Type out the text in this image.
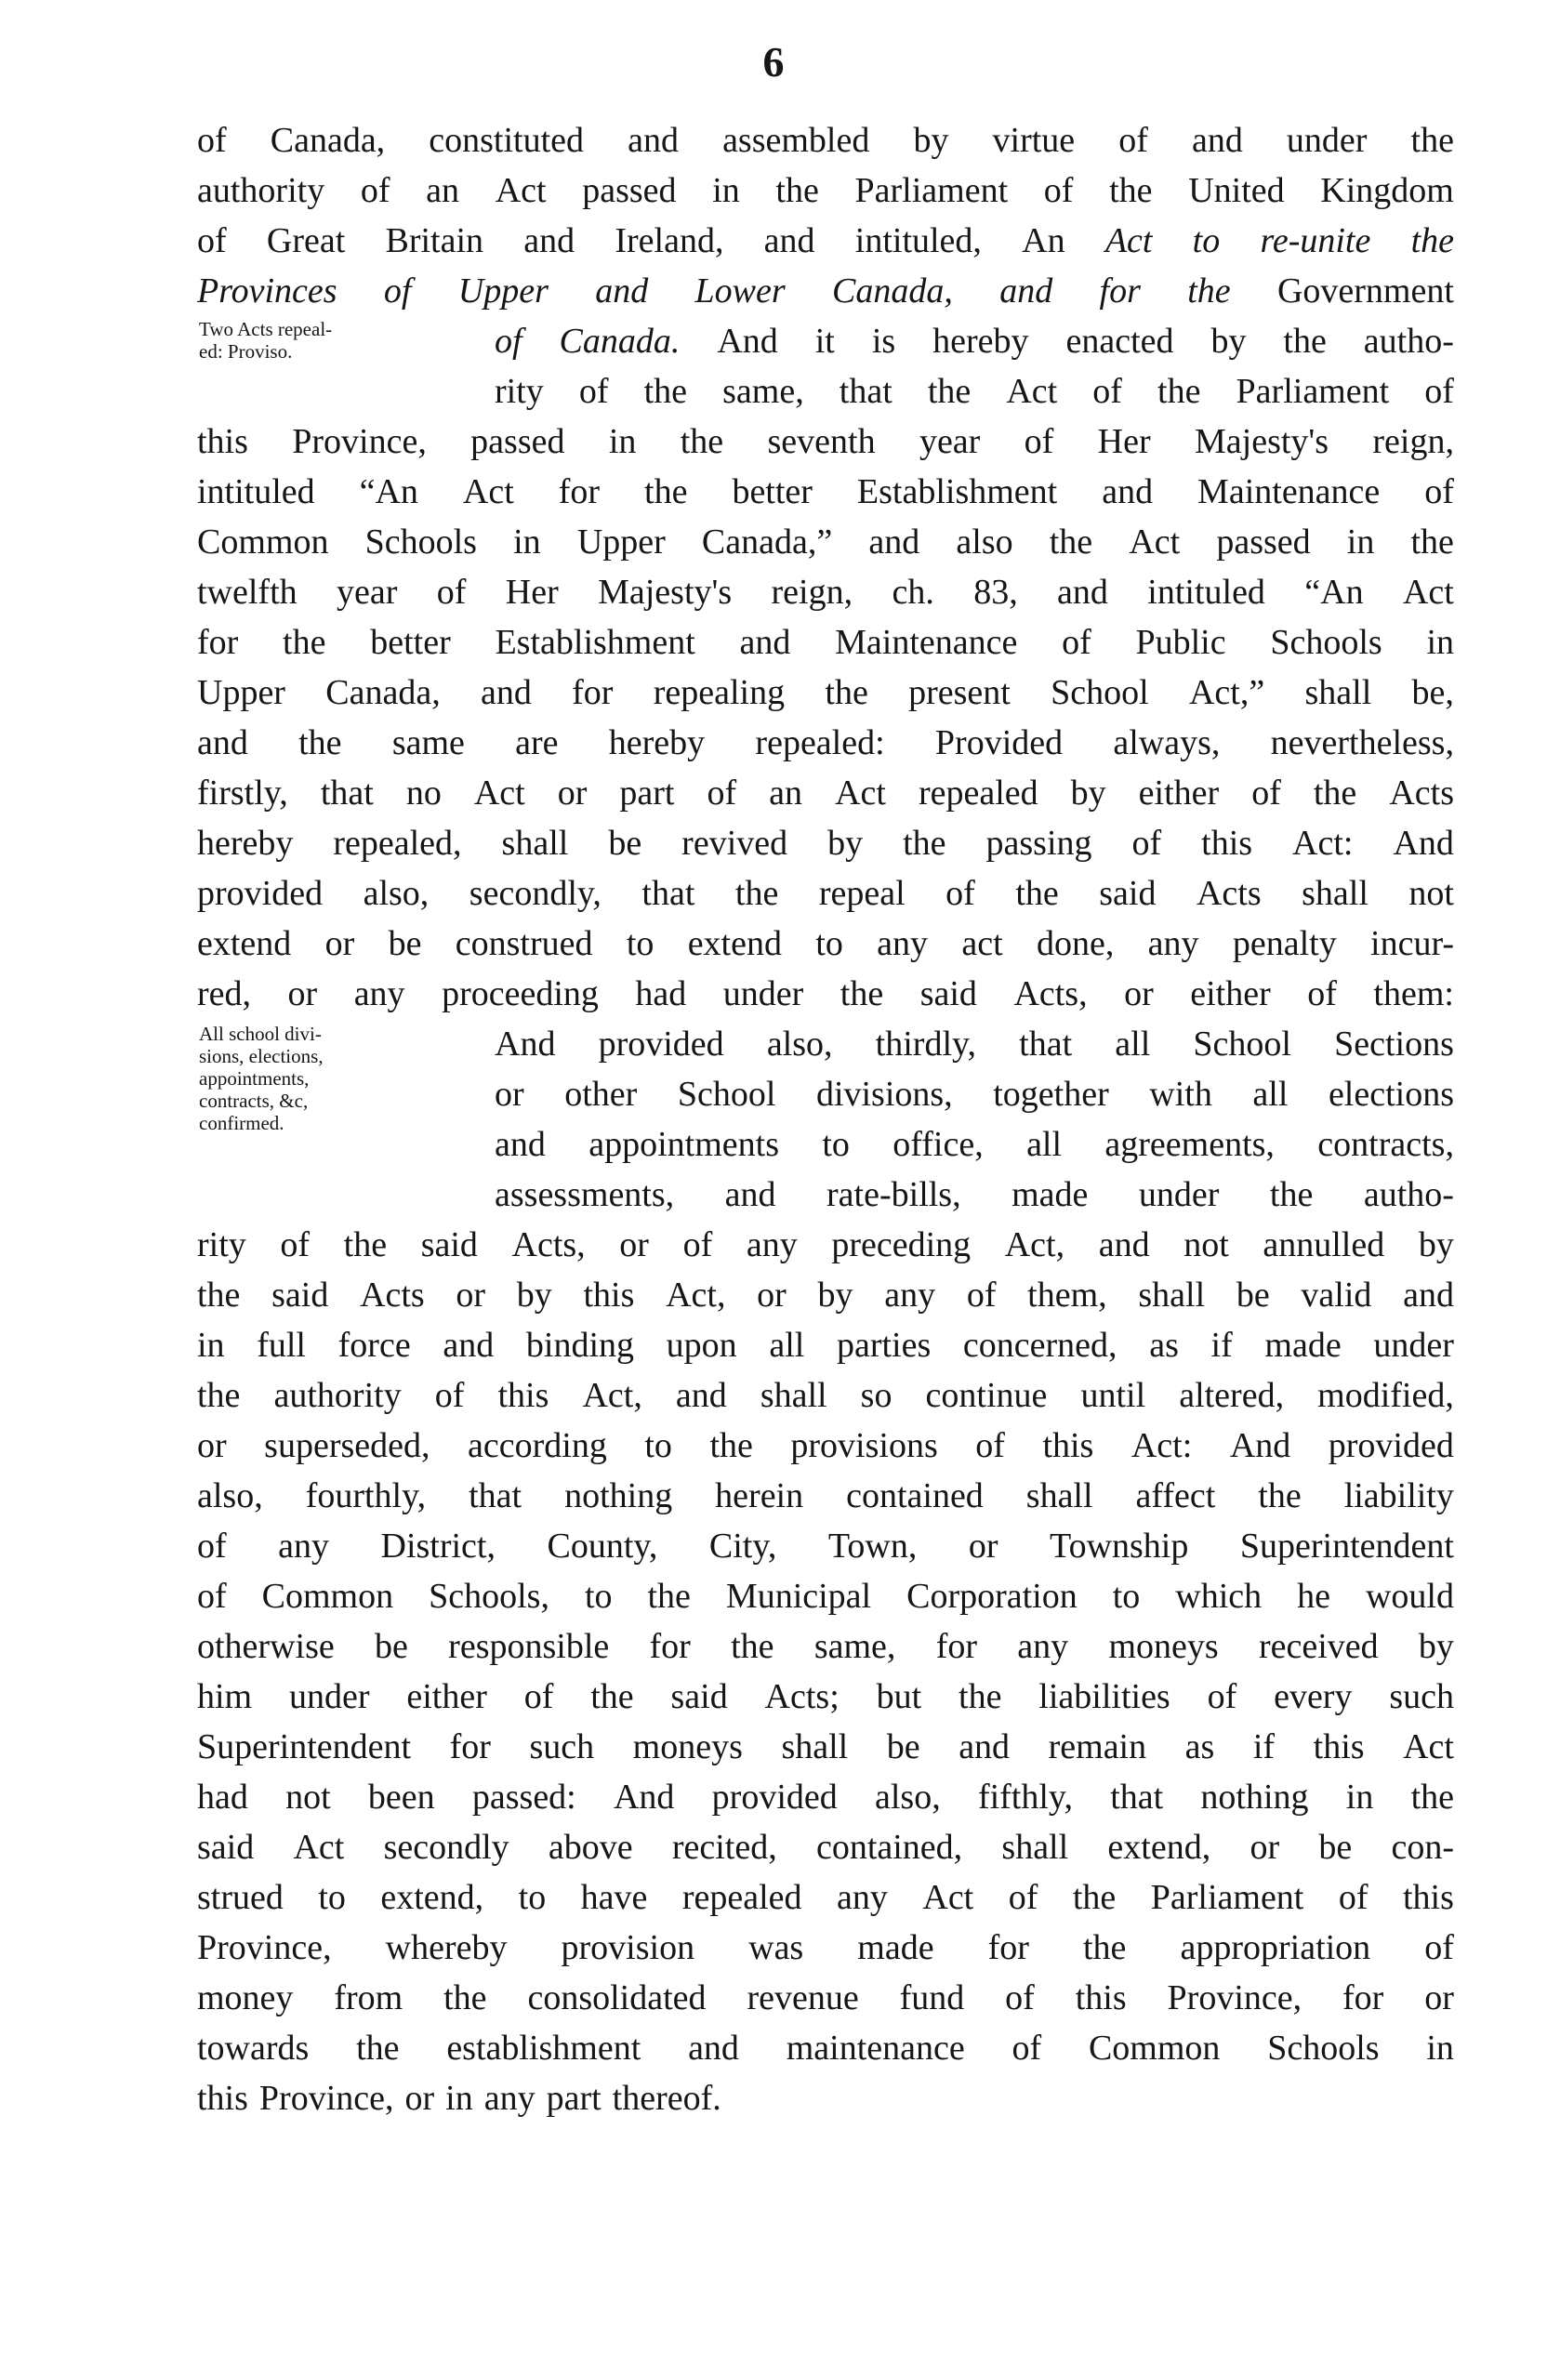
6
Two Acts repeal-
ed: Proviso.
All school divi-
sions, elections,
appointments,
contracts, &c,
confirmed.
of Canada, constituted and assembled by virtue of and under the
authority of an Act passed in the Parliament of the United Kingdom
of Great Britain and Ireland, and intituled, An Act to re-unite the
Provinces of Upper and Lower Canada, and for the Government
of Canada. And it is hereby enacted by the autho-
rity of the same, that the Act of the Parliament of
this Province, passed in the seventh year of Her Majesty's reign,
intituled “An Act for the better Establishment and Maintenance of
Common Schools in Upper Canada,” and also the Act passed in the
twelfth year of Her Majesty's reign, ch. 83, and intituled “An Act
for the better Establishment and Maintenance of Public Schools in
Upper Canada, and for repealing the present School Act,” shall be,
and the same are hereby repealed: Provided always, nevertheless,
firstly, that no Act or part of an Act repealed by either of the Acts
hereby repealed, shall be revived by the passing of this Act: And
provided also, secondly, that the repeal of the said Acts shall not
extend or be construed to extend to any act done, any penalty incur-
red, or any proceeding had under the said Acts, or either of them:
And provided also, thirdly, that all School Sections
or other School divisions, together with all elections
and appointments to office, all agreements, contracts,
assessments, and rate-bills, made under the autho-
rity of the said Acts, or of any preceding Act, and not annulled by
the said Acts or by this Act, or by any of them, shall be valid and
in full force and binding upon all parties concerned, as if made under
the authority of this Act, and shall so continue until altered, modified,
or superseded, according to the provisions of this Act: And provided
also, fourthly, that nothing herein contained shall affect the liability
of any District, County, City, Town, or Township Superintendent
of Common Schools, to the Municipal Corporation to which he would
otherwise be responsible for the same, for any moneys received by
him under either of the said Acts; but the liabilities of every such
Superintendent for such moneys shall be and remain as if this Act
had not been passed: And provided also, fifthly, that nothing in the
said Act secondly above recited, contained, shall extend, or be con-
strued to extend, to have repealed any Act of the Parliament of this
Province, whereby provision was made for the appropriation of
money from the consolidated revenue fund of this Province, for or
towards the establishment and maintenance of Common Schools in
this Province, or in any part thereof.
